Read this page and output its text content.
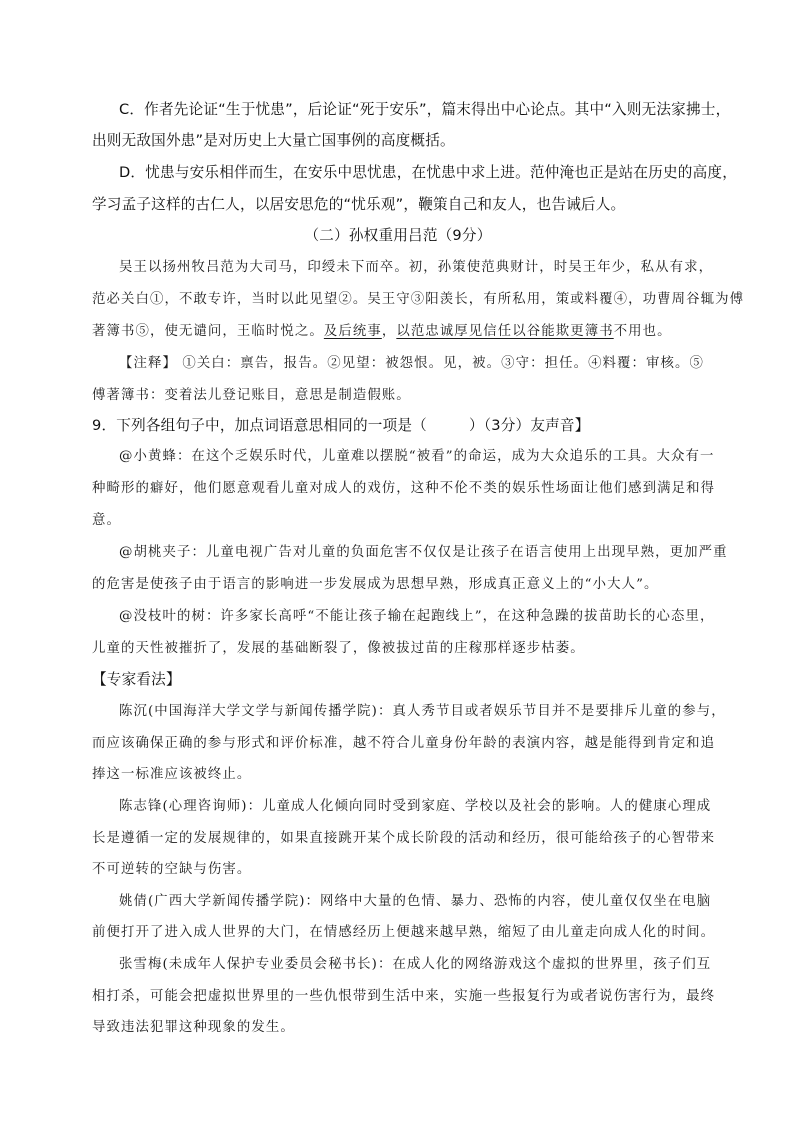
C．作者先论证“生于忧患”，后论证“死于安乐”，篇末得出中心论点。其中“入则无法家拂士，
出则无敌国外患”是对历史上大量亡国事例的高度概括。
D．忧患与安乐相伴而生，在安乐中思忧患，在忧患中求上进。范仲淹也正是站在历史的高度，
学习孟子这样的古仁人，以居安思危的“忧乐观”，鞭策自己和友人，也告诫后人。
（二）孙权重用吕范（9分）
吴王以扬州牧吕范为大司马，印绶未下而卒。初，孙策使范典财计，时吴王年少，私从有求，
范必关白①，不敢专许，当时以此见望②。吴王守③阳羡长，有所私用，策或料覆④，功曹周谷辄为傅
著簿书⑤，使无谴问，王临时悦之。及后统事，以范忠诚厚见信任以谷能欺更簿书不用也。
【注释】 ①关白：禀告，报告。②见望：被怨恨。见，被。③守：担任。④料覆：审核。⑤
傅著簿书：变着法儿登记账目，意思是制造假账。
9．下列各组句子中，加点词语意思相同的一项是（	）（3分）友声音】
@小黄蜂：在这个乏娱乐时代，儿童难以摆脱“被看”的命运，成为大众追乐的工具。大众有一
种畸形的癖好，他们愿意观看儿童对成人的戏仿，这种不伦不类的娱乐性场面让他们感到满足和得
意。
@胡桃夹子：儿童电视广告对儿童的负面危害不仅仅是让孩子在语言使用上出现早熟，更加严重
的危害是使孩子由于语言的影响进一步发展成为思想早熟，形成真正意义上的“小大人”。
@没枝叶的树：许多家长高呼“不能让孩子输在起跑线上”，在这种急躁的拔苗助长的心态里，
儿童的天性被摧折了，发展的基础断裂了，像被拔过苗的庄稼那样逐步枯萎。
【专家看法】
陈沉(中国海洋大学文学与新闻传播学院)：真人秀节目或者娱乐节目并不是要排斥儿童的参与，
而应该确保正确的参与形式和评价标准，越不符合儿童身份年龄的表演内容，越是能得到肯定和追
捧这一标准应该被终止。
陈志锋(心理咨询师)：儿童成人化倾向同时受到家庭、学校以及社会的影响。人的健康心理成
长是遵循一定的发展规律的，如果直接跳开某个成长阶段的活动和经历，很可能给孩子的心智带来
不可逆转的空缺与伤害。
姚倩(广西大学新闻传播学院)：网络中大量的色情、暴力、恐怖的内容，使儿童仅仅坐在电脑
前便打开了进入成人世界的大门，在情感经历上便越来越早熟，缩短了由儿童走向成人化的时间。
张雪梅(未成年人保护专业委员会秘书长)：在成人化的网络游戏这个虚拟的世界里，孩子们互
相打杀，可能会把虚拟世界里的一些仇恨带到生活中来，实施一些报复行为或者说伤害行为，最终
导致违法犯罪这种现象的发生。
